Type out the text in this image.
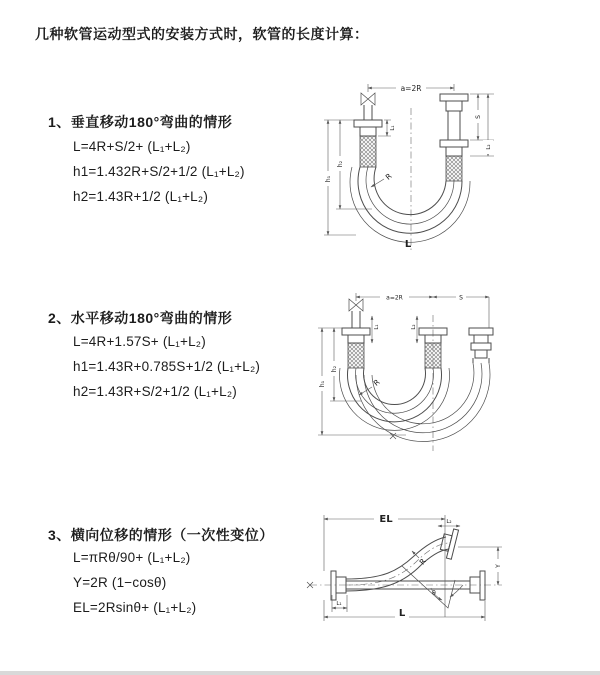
几种软管运动型式的安装方式时，软管的长度计算：
1、垂直移动180°弯曲的情形
L=4R+S/2+ (L₁+L₂)
h1=1.432R+S/2+1/2 (L₁+L₂)
h2=1.43R+1/2 (L₁+L₂)
2、水平移动180°弯曲的情形
L=4R+1.57S+ (L₁+L₂)
h1=1.43R+0.785S+1/2 (L₁+L₂)
h2=1.43R+S/2+1/2 (L₁+L₂)
3、横向位移的情形（一次性变位）
L=πRθ/90+ (L₁+L₂)
Y=2R (1−cosθ)
EL=2Rsinθ+ (L₁+L₂)
a=2R
S
L₂
h₂
h₁
L₁
R
L
a=2R	S
h₂
h₁
L₁	L₂
R
EL	L₂
Y
θ
R
L
L₁
